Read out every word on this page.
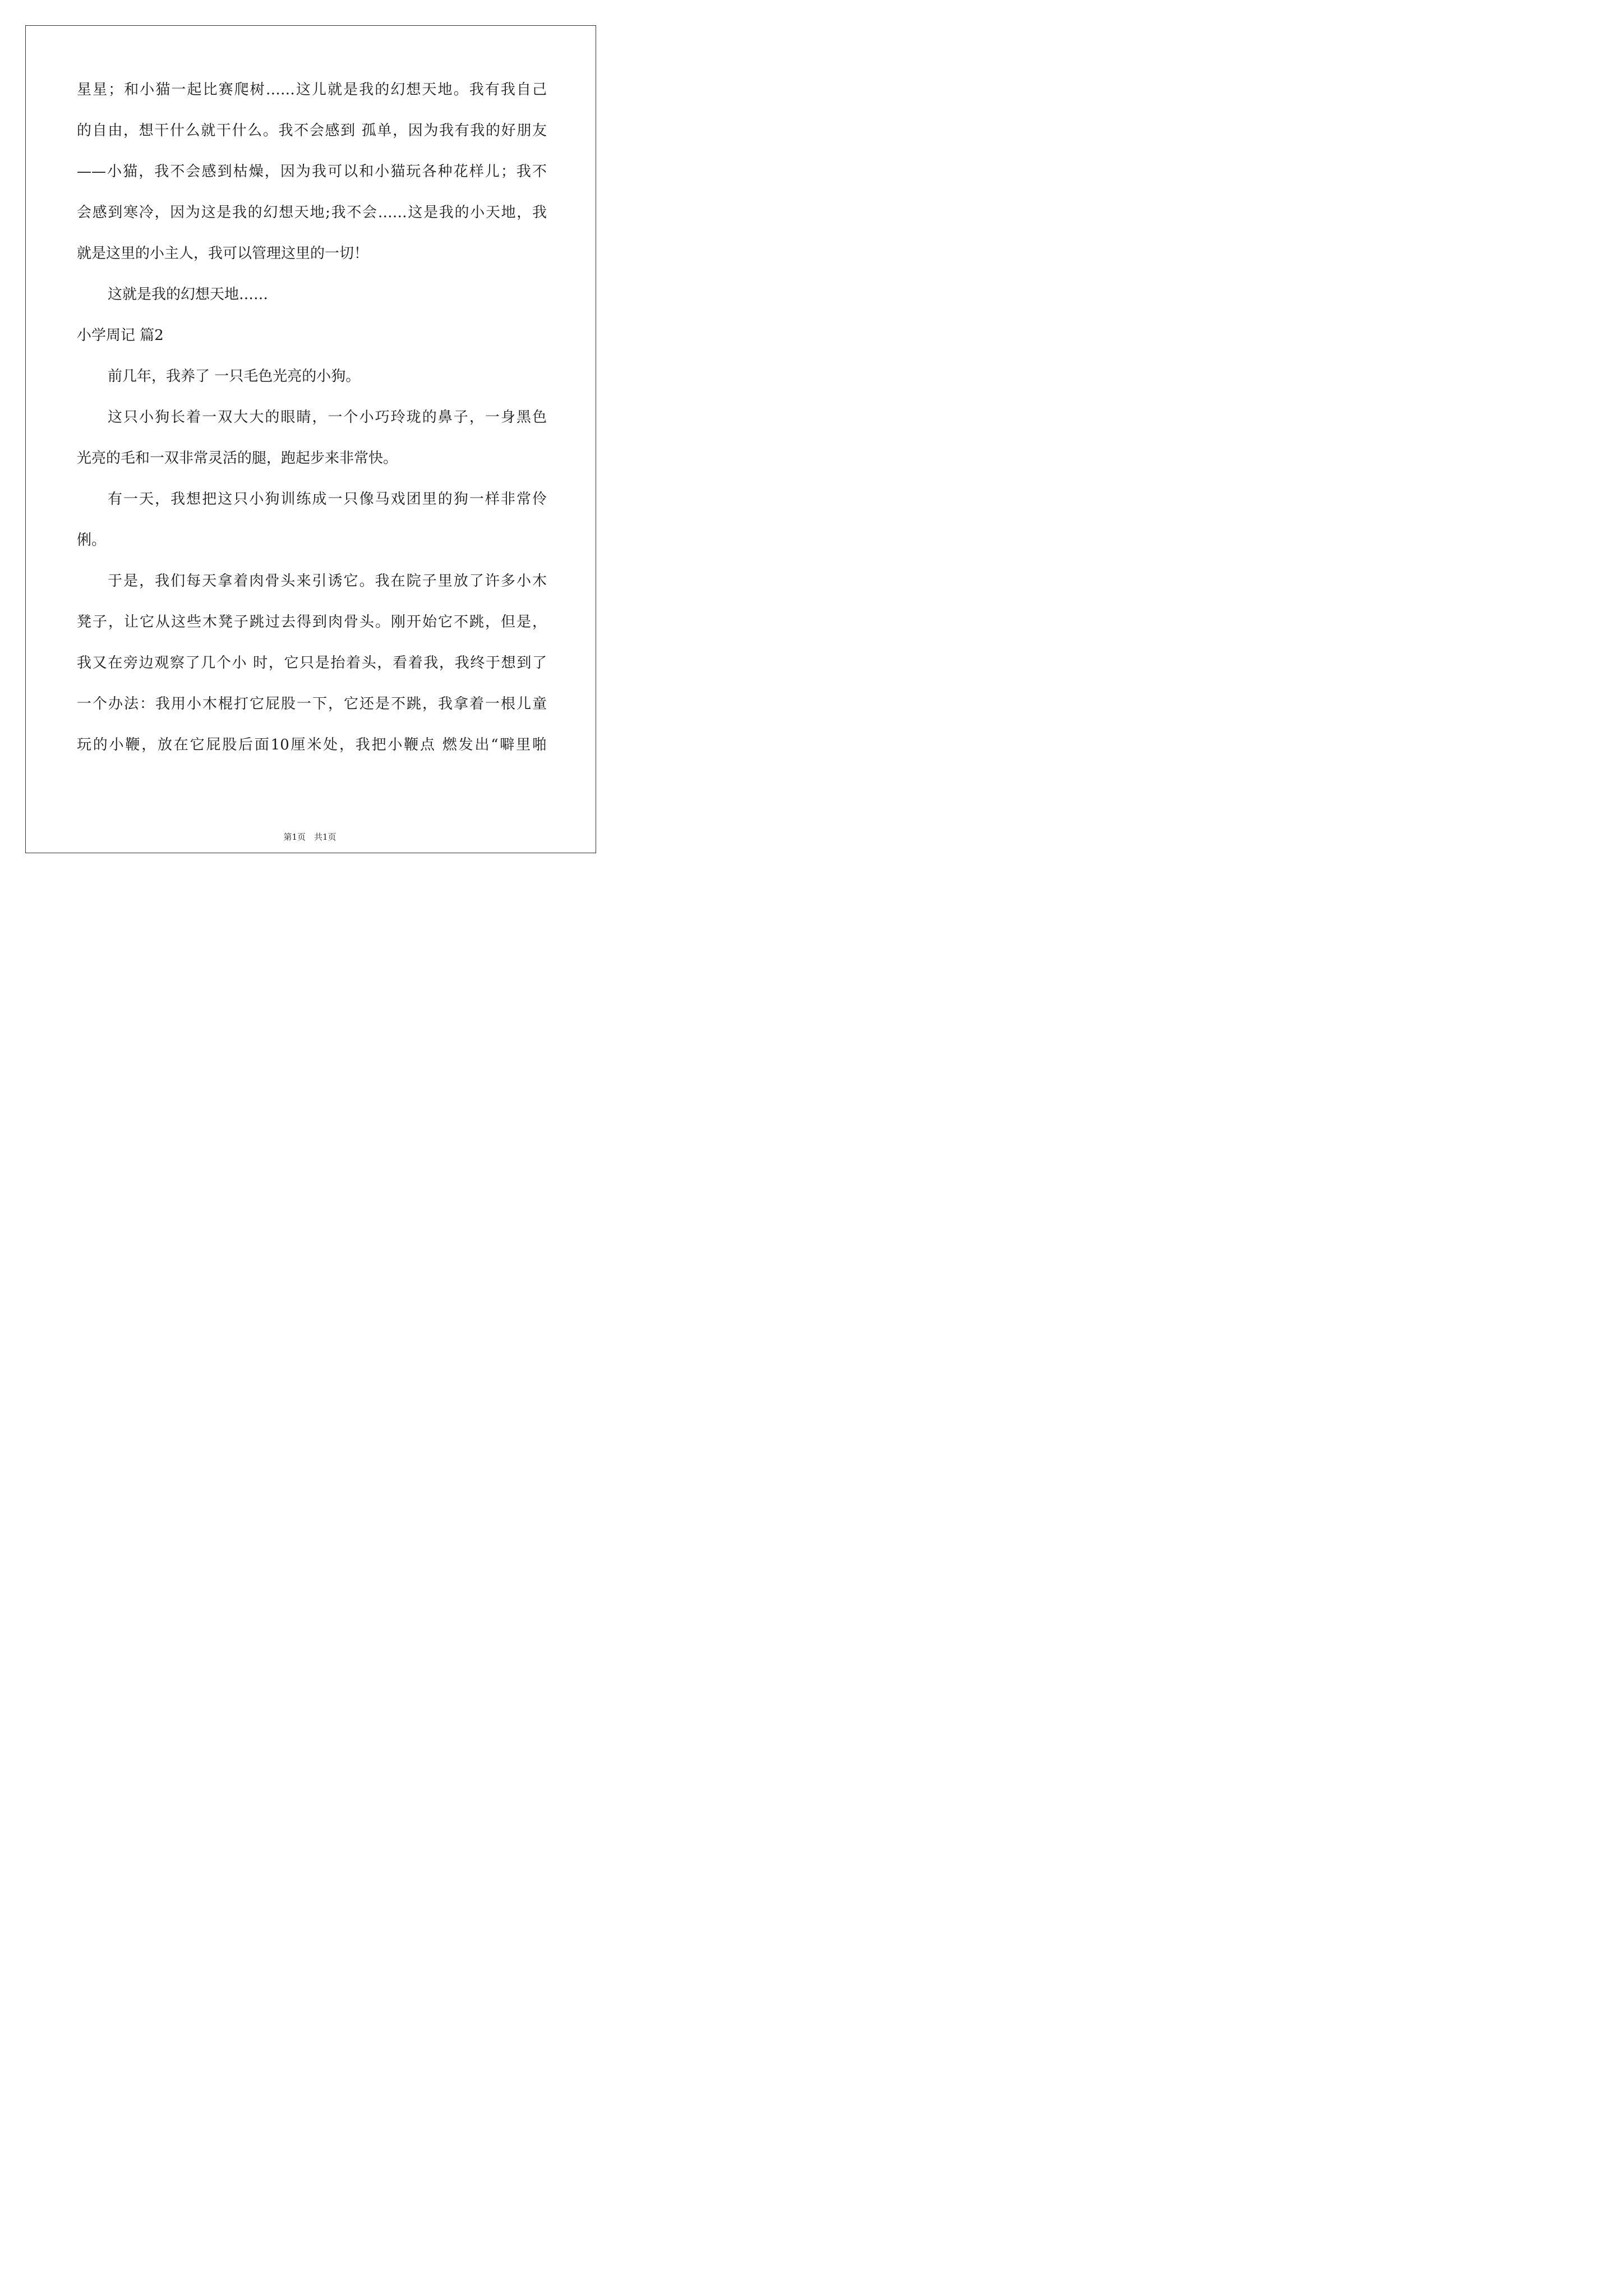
星星；和小猫一起比赛爬树……这儿就是我的幻想天地。我有我自己
的自由，想干什么就干什么。我不会感到 孤单，因为我有我的好朋友
——小猫，我不会感到枯燥，因为我可以和小猫玩各种花样儿；我不
会感到寒冷，因为这是我的幻想天地;我不会……这是我的小天地，我
就是这里的小主人，我可以管理这里的一切！
这就是我的幻想天地……
小学周记 篇2
前几年，我养了 一只毛色光亮的小狗。
这只小狗长着一双大大的眼睛，一个小巧玲珑的鼻子，一身黑色
光亮的毛和一双非常灵活的腿，跑起步来非常快。
有一天，我想把这只小狗训练成一只像马戏团里的狗一样非常伶
俐。
于是，我们每天拿着肉骨头来引诱它。我在院子里放了许多小木
凳子，让它从这些木凳子跳过去得到肉骨头。刚开始它不跳，但是，
我又在旁边观察了几个小 时，它只是抬着头，看着我，我终于想到了
一个办法：我用小木棍打它屁股一下，它还是不跳，我拿着一根儿童
玩的小鞭，放在它屁股后面10厘米处，我把小鞭点 燃发出“噼里啪
第1页　共1页
